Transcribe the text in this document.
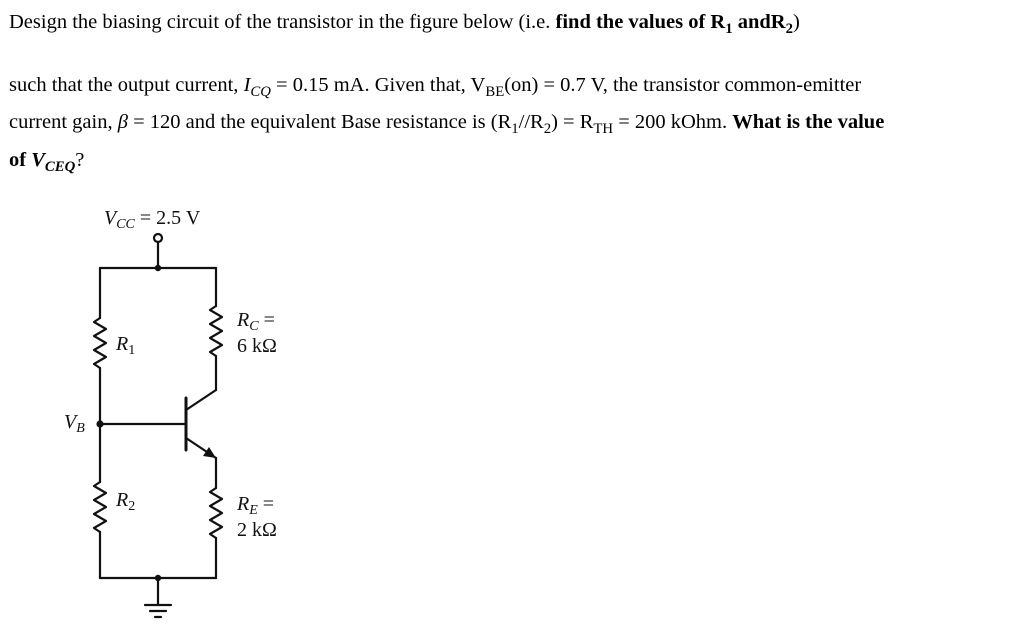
Design the biasing circuit of the transistor in the figure below (i.e. find the values of $R_1$ andR$_2$)
such that the output current, $I_{CQ} = 0.15$ mA. Given that, $V_{BE}(on) = 0.7$ V, the transistor common-emitter
current gain, β = 120 and the equivalent Base resistance is $(R_1//R_2) = R_{TH} = 200$ kOhm. What is the value
of $V_{CEQ}$?
$V_{CC} = 2.5$ V
$R_1$
$R_2$
$R_C$ =
6 kΩ
$R_E$ =
2 kΩ
$V_B$
